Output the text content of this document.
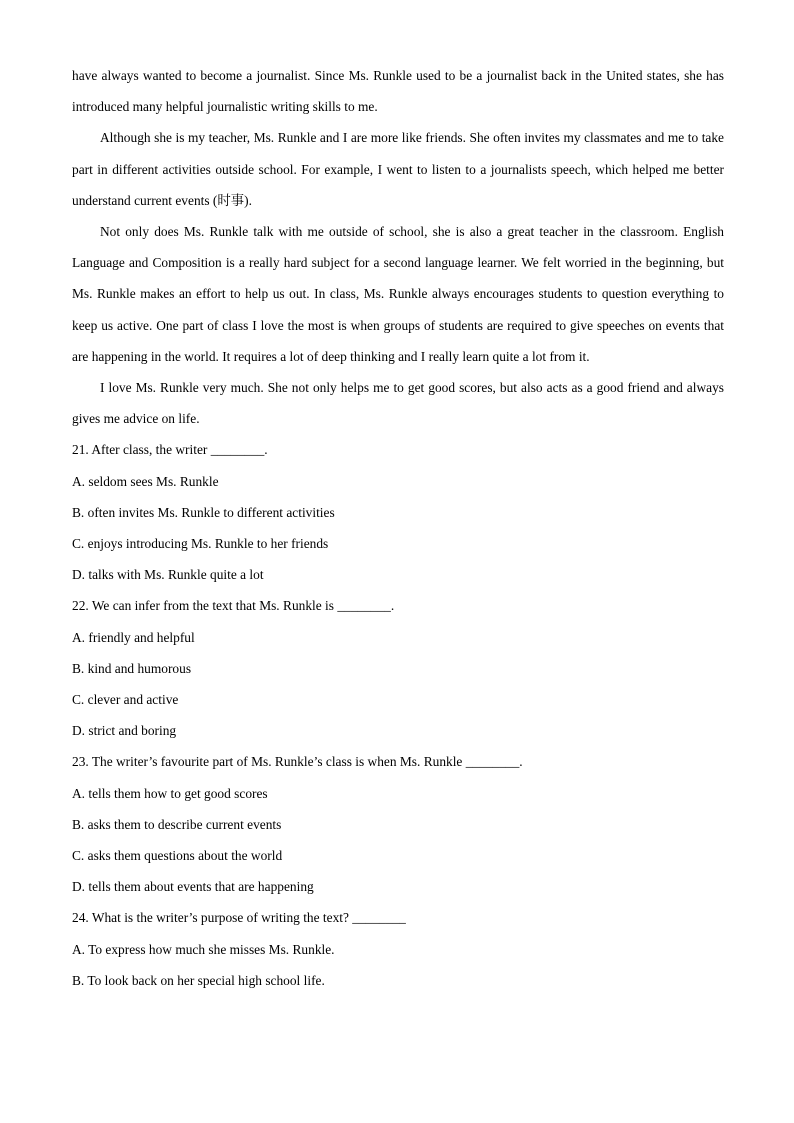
have always wanted to become a journalist. Since Ms. Runkle used to be a journalist back in the United states, she has introduced many helpful journalistic writing skills to me.

Although she is my teacher, Ms. Runkle and I are more like friends. She often invites my classmates and me to take part in different activities outside school. For example, I went to listen to a journalists speech, which helped me better understand current events (时事).

Not only does Ms. Runkle talk with me outside of school, she is also a great teacher in the classroom. English Language and Composition is a really hard subject for a second language learner. We felt worried in the beginning, but Ms. Runkle makes an effort to help us out. In class, Ms. Runkle always encourages students to question everything to keep us active. One part of class I love the most is when groups of students are required to give speeches on events that are happening in the world. It requires a lot of deep thinking and I really learn quite a lot from it.

I love Ms. Runkle very much. She not only helps me to get good scores, but also acts as a good friend and always gives me advice on life.

21. After class, the writer ________.

A. seldom sees Ms. Runkle

B. often invites Ms. Runkle to different activities

C. enjoys introducing Ms. Runkle to her friends

D. talks with Ms. Runkle quite a lot

22. We can infer from the text that Ms. Runkle is ________.

A. friendly and helpful

B. kind and humorous

C. clever and active

D. strict and boring

23. The writer’s favourite part of Ms. Runkle’s class is when Ms. Runkle ________.

A. tells them how to get good scores

B. asks them to describe current events

C. asks them questions about the world

D. tells them about events that are happening

24. What is the writer’s purpose of writing the text? ________

A. To express how much she misses Ms. Runkle.

B. To look back on her special high school life.
